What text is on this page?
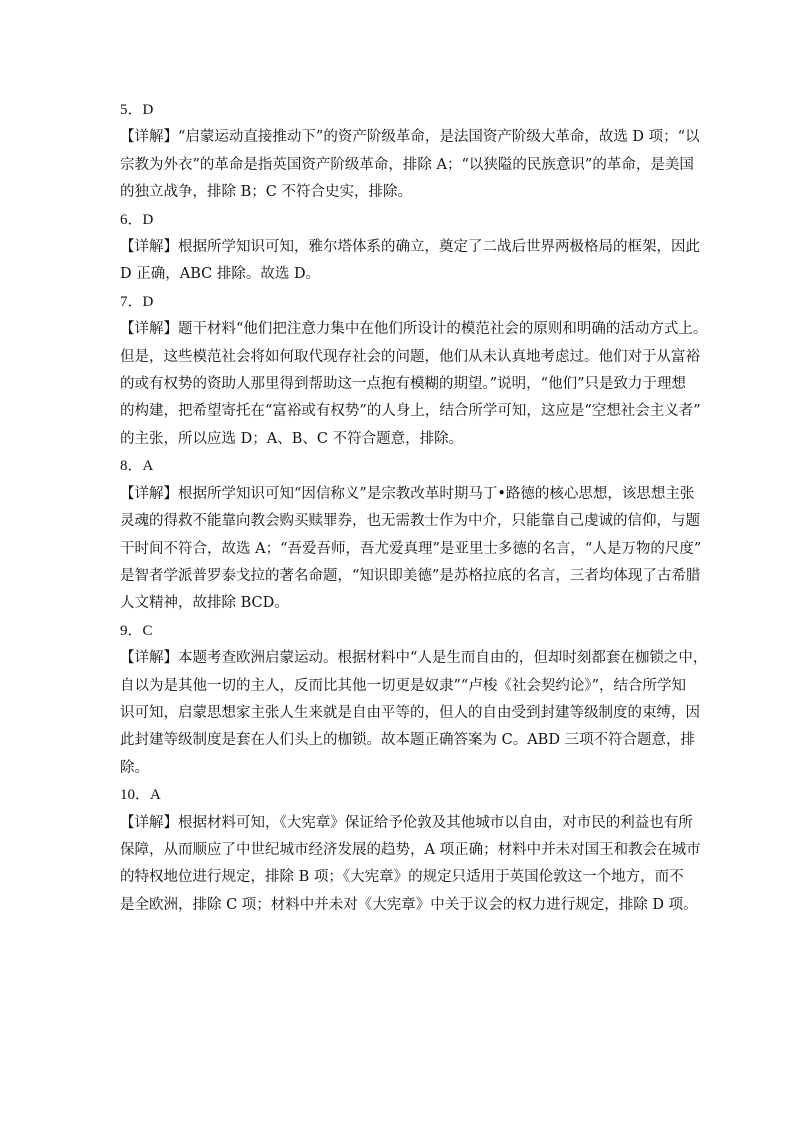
5．D

【详解】“启蒙运动直接推动下”的资产阶级革命，是法国资产阶级大革命，故选 D 项；“以
宗教为外衣”的革命是指英国资产阶级革命，排除 A；“以狭隘的民族意识”的革命，是美国
的独立战争，排除 B；C 不符合史实，排除。

6．D

【详解】根据所学知识可知，雅尔塔体系的确立，奠定了二战后世界两极格局的框架，因此
D 正确，ABC 排除。故选 D。

7．D

【详解】题干材料“他们把注意力集中在他们所设计的模范社会的原则和明确的活动方式上。
但是，这些模范社会将如何取代现存社会的问题，他们从未认真地考虑过。他们对于从富裕
的或有权势的资助人那里得到帮助这一点抱有模糊的期望。”说明，“他们”只是致力于理想
的构建，把希望寄托在“富裕或有权势”的人身上，结合所学可知，这应是“空想社会主义者”
的主张，所以应选 D；A、B、C 不符合题意，排除。

8．A

【详解】根据所学知识可知“因信称义”是宗教改革时期马丁•路德的核心思想，该思想主张
灵魂的得救不能靠向教会购买赎罪券，也无需教士作为中介，只能靠自己虔诚的信仰，与题
干时间不符合，故选 A；“吾爱吾师，吾尤爱真理”是亚里士多德的名言，“人是万物的尺度”
是智者学派普罗泰戈拉的著名命题，“知识即美德”是苏格拉底的名言，三者均体现了古希腊
人文精神，故排除 BCD。

9．C

【详解】本题考查欧洲启蒙运动。根据材料中“人是生而自由的，但却时刻都套在枷锁之中，
自以为是其他一切的主人，反而比其他一切更是奴隶”“卢梭《社会契约论》”，结合所学知
识可知，启蒙思想家主张人生来就是自由平等的，但人的自由受到封建等级制度的束缚，因
此封建等级制度是套在人们头上的枷锁。故本题正确答案为 C。ABD 三项不符合题意，排
除。

10．A

【详解】根据材料可知，《大宪章》保证给予伦敦及其他城市以自由，对市民的利益也有所
保障，从而顺应了中世纪城市经济发展的趋势，A 项正确；材料中并未对国王和教会在城市
的特权地位进行规定，排除 B 项；《大宪章》的规定只适用于英国伦敦这一个地方，而不
是全欧洲，排除 C 项；材料中并未对《大宪章》中关于议会的权力进行规定，排除 D 项。
